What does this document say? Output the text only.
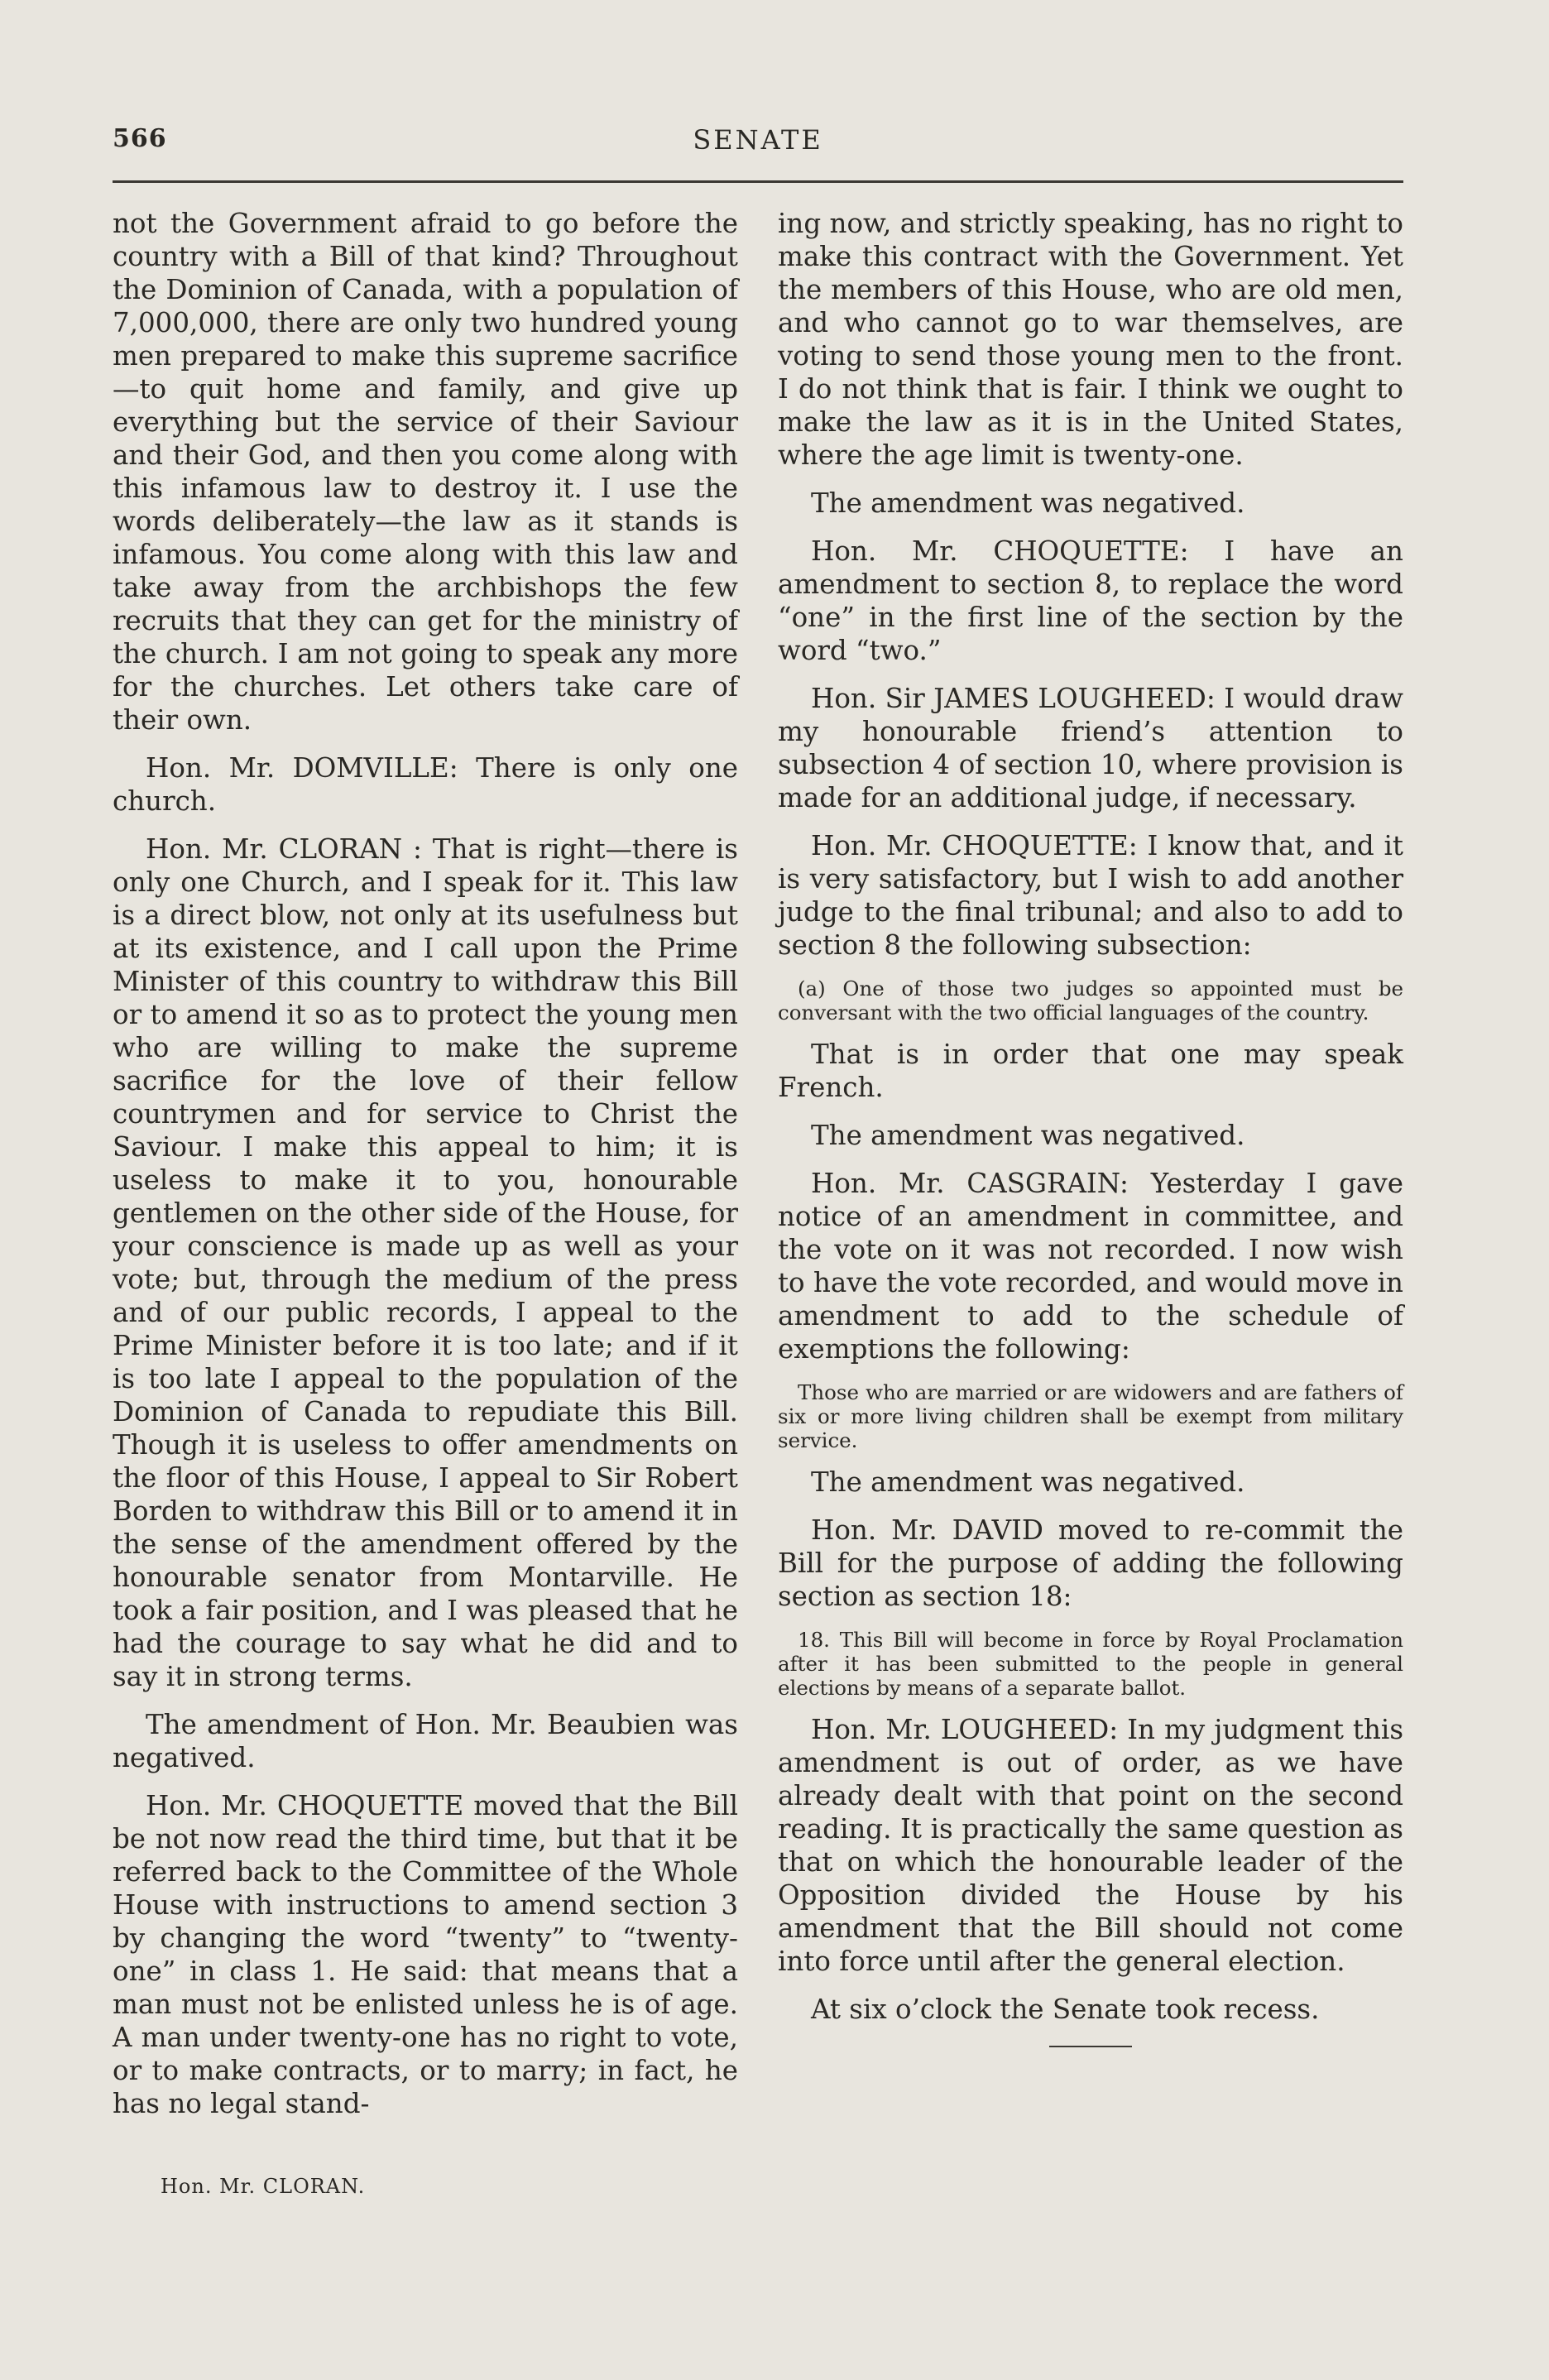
566	SENATE

not the Government afraid to go before the country with a Bill of that kind? Throughout the Dominion of Canada, with a population of 7,000,000, there are only two hundred young men prepared to make this supreme sacrifice—to quit home and family, and give up everything but the service of their Saviour and their God, and then you come along with this infamous law to destroy it. I use the words deliberately—the law as it stands is infamous. You come along with this law and take away from the archbishops the few recruits that they can get for the ministry of the church. I am not going to speak any more for the churches. Let others take care of their own.

Hon. Mr. DOMVILLE: There is only one church.

Hon. Mr. CLORAN : That is right—there is only one Church, and I speak for it. This law is a direct blow, not only at its usefulness but at its existence, and I call upon the Prime Minister of this country to withdraw this Bill or to amend it so as to protect the young men who are willing to make the supreme sacrifice for the love of their fellow countrymen and for service to Christ the Saviour. I make this appeal to him; it is useless to make it to you, honourable gentlemen on the other side of the House, for your conscience is made up as well as your vote; but, through the medium of the press and of our public records, I appeal to the Prime Minister before it is too late; and if it is too late I appeal to the population of the Dominion of Canada to repudiate this Bill. Though it is useless to offer amendments on the floor of this House, I appeal to Sir Robert Borden to withdraw this Bill or to amend it in the sense of the amendment offered by the honourable senator from Montarville. He took a fair position, and I was pleased that he had the courage to say what he did and to say it in strong terms.

The amendment of Hon. Mr. Beaubien was negatived.

Hon. Mr. CHOQUETTE moved that the Bill be not now read the third time, but that it be referred back to the Committee of the Whole House with instructions to amend section 3 by changing the word “twenty” to “twenty-one” in class 1. He said: that means that a man must not be enlisted unless he is of age. A man under twenty-one has no right to vote, or to make contracts, or to marry; in fact, he has no legal stand-

ing now, and strictly speaking, has no right to make this contract with the Government. Yet the members of this House, who are old men, and who cannot go to war themselves, are voting to send those young men to the front. I do not think that is fair. I think we ought to make the law as it is in the United States, where the age limit is twenty-one.

The amendment was negatived.

Hon. Mr. CHOQUETTE: I have an amendment to section 8, to replace the word “one” in the first line of the section by the word “two.”

Hon. Sir JAMES LOUGHEED: I would draw my honourable friend’s attention to subsection 4 of section 10, where provision is made for an additional judge, if necessary.

Hon. Mr. CHOQUETTE: I know that, and it is very satisfactory, but I wish to add another judge to the final tribunal; and also to add to section 8 the following subsection:

(a) One of those two judges so appointed must be conversant with the two official languages of the country.

That is in order that one may speak French.

The amendment was negatived.

Hon. Mr. CASGRAIN: Yesterday I gave notice of an amendment in committee, and the vote on it was not recorded. I now wish to have the vote recorded, and would move in amendment to add to the schedule of exemptions the following:

Those who are married or are widowers and are fathers of six or more living children shall be exempt from military service.

The amendment was negatived.

Hon. Mr. DAVID moved to re-commit the Bill for the purpose of adding the following section as section 18:

18. This Bill will become in force by Royal Proclamation after it has been submitted to the people in general elections by means of a separate ballot.

Hon. Mr. LOUGHEED: In my judgment this amendment is out of order, as we have already dealt with that point on the second reading. It is practically the same question as that on which the honourable leader of the Opposition divided the House by his amendment that the Bill should not come into force until after the general election.

At six o’clock the Senate took recess.

Hon. Mr. CLORAN.
